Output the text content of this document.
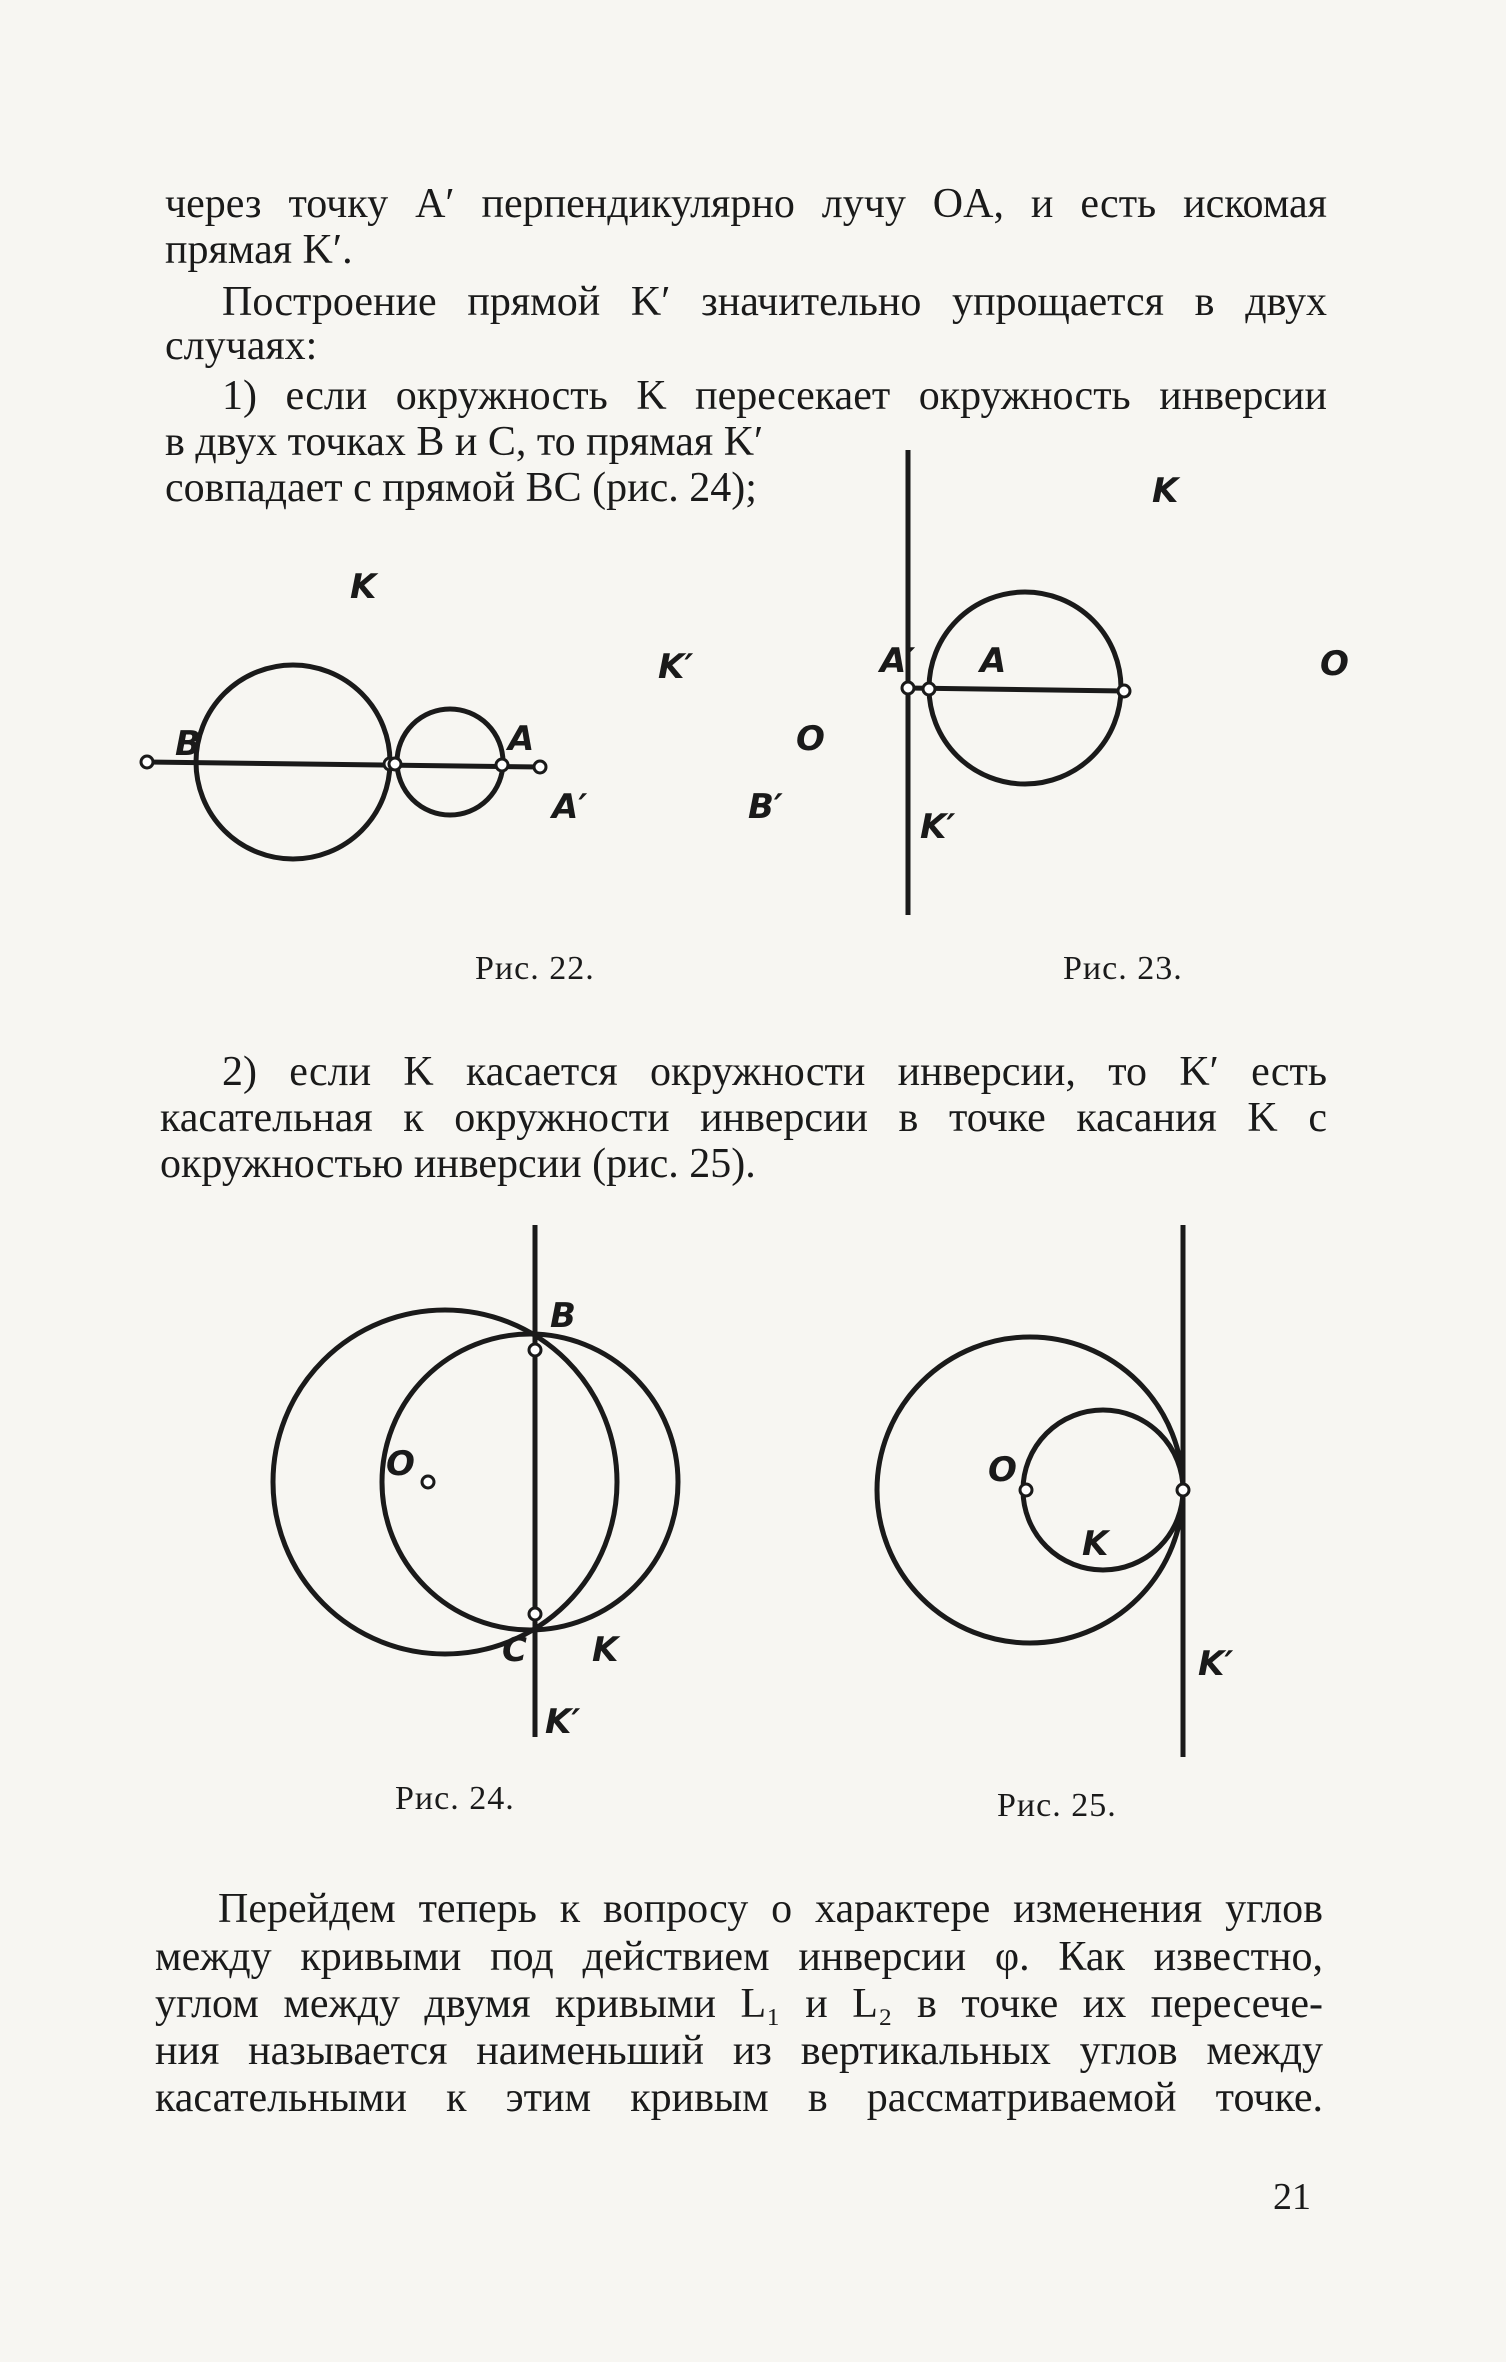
через точку A′ перпендикулярно лучу OA, и есть искомая

прямая K′.

Построение прямой K′ значительно упрощается в двух

случаях:

1) если окружность K пересекает окружность инверсии

в двух точках B и C, то прямая K′

совпадает с прямой BC (рис. 24);

K
B	A
K′
A′	B′
O
K
A′ A	O
K′

Рис. 22.	Рис. 23.

2) если K касается окружности инверсии, то K′ есть

касательная к окружности инверсии в точке касания K с

окружностью инверсии (рис. 25).

B
O
C K
K′
O
K
K′

Рис. 24.	Рис. 25.

Перейдем теперь к вопросу о характере изменения углов

между кривыми под действием инверсии φ. Как известно,

углом между двумя кривыми L₁ и L₂ в точке их пересече-

ния называется наименьший из вертикальных углов между

касательными к этим кривым в рассматриваемой точке.

21
